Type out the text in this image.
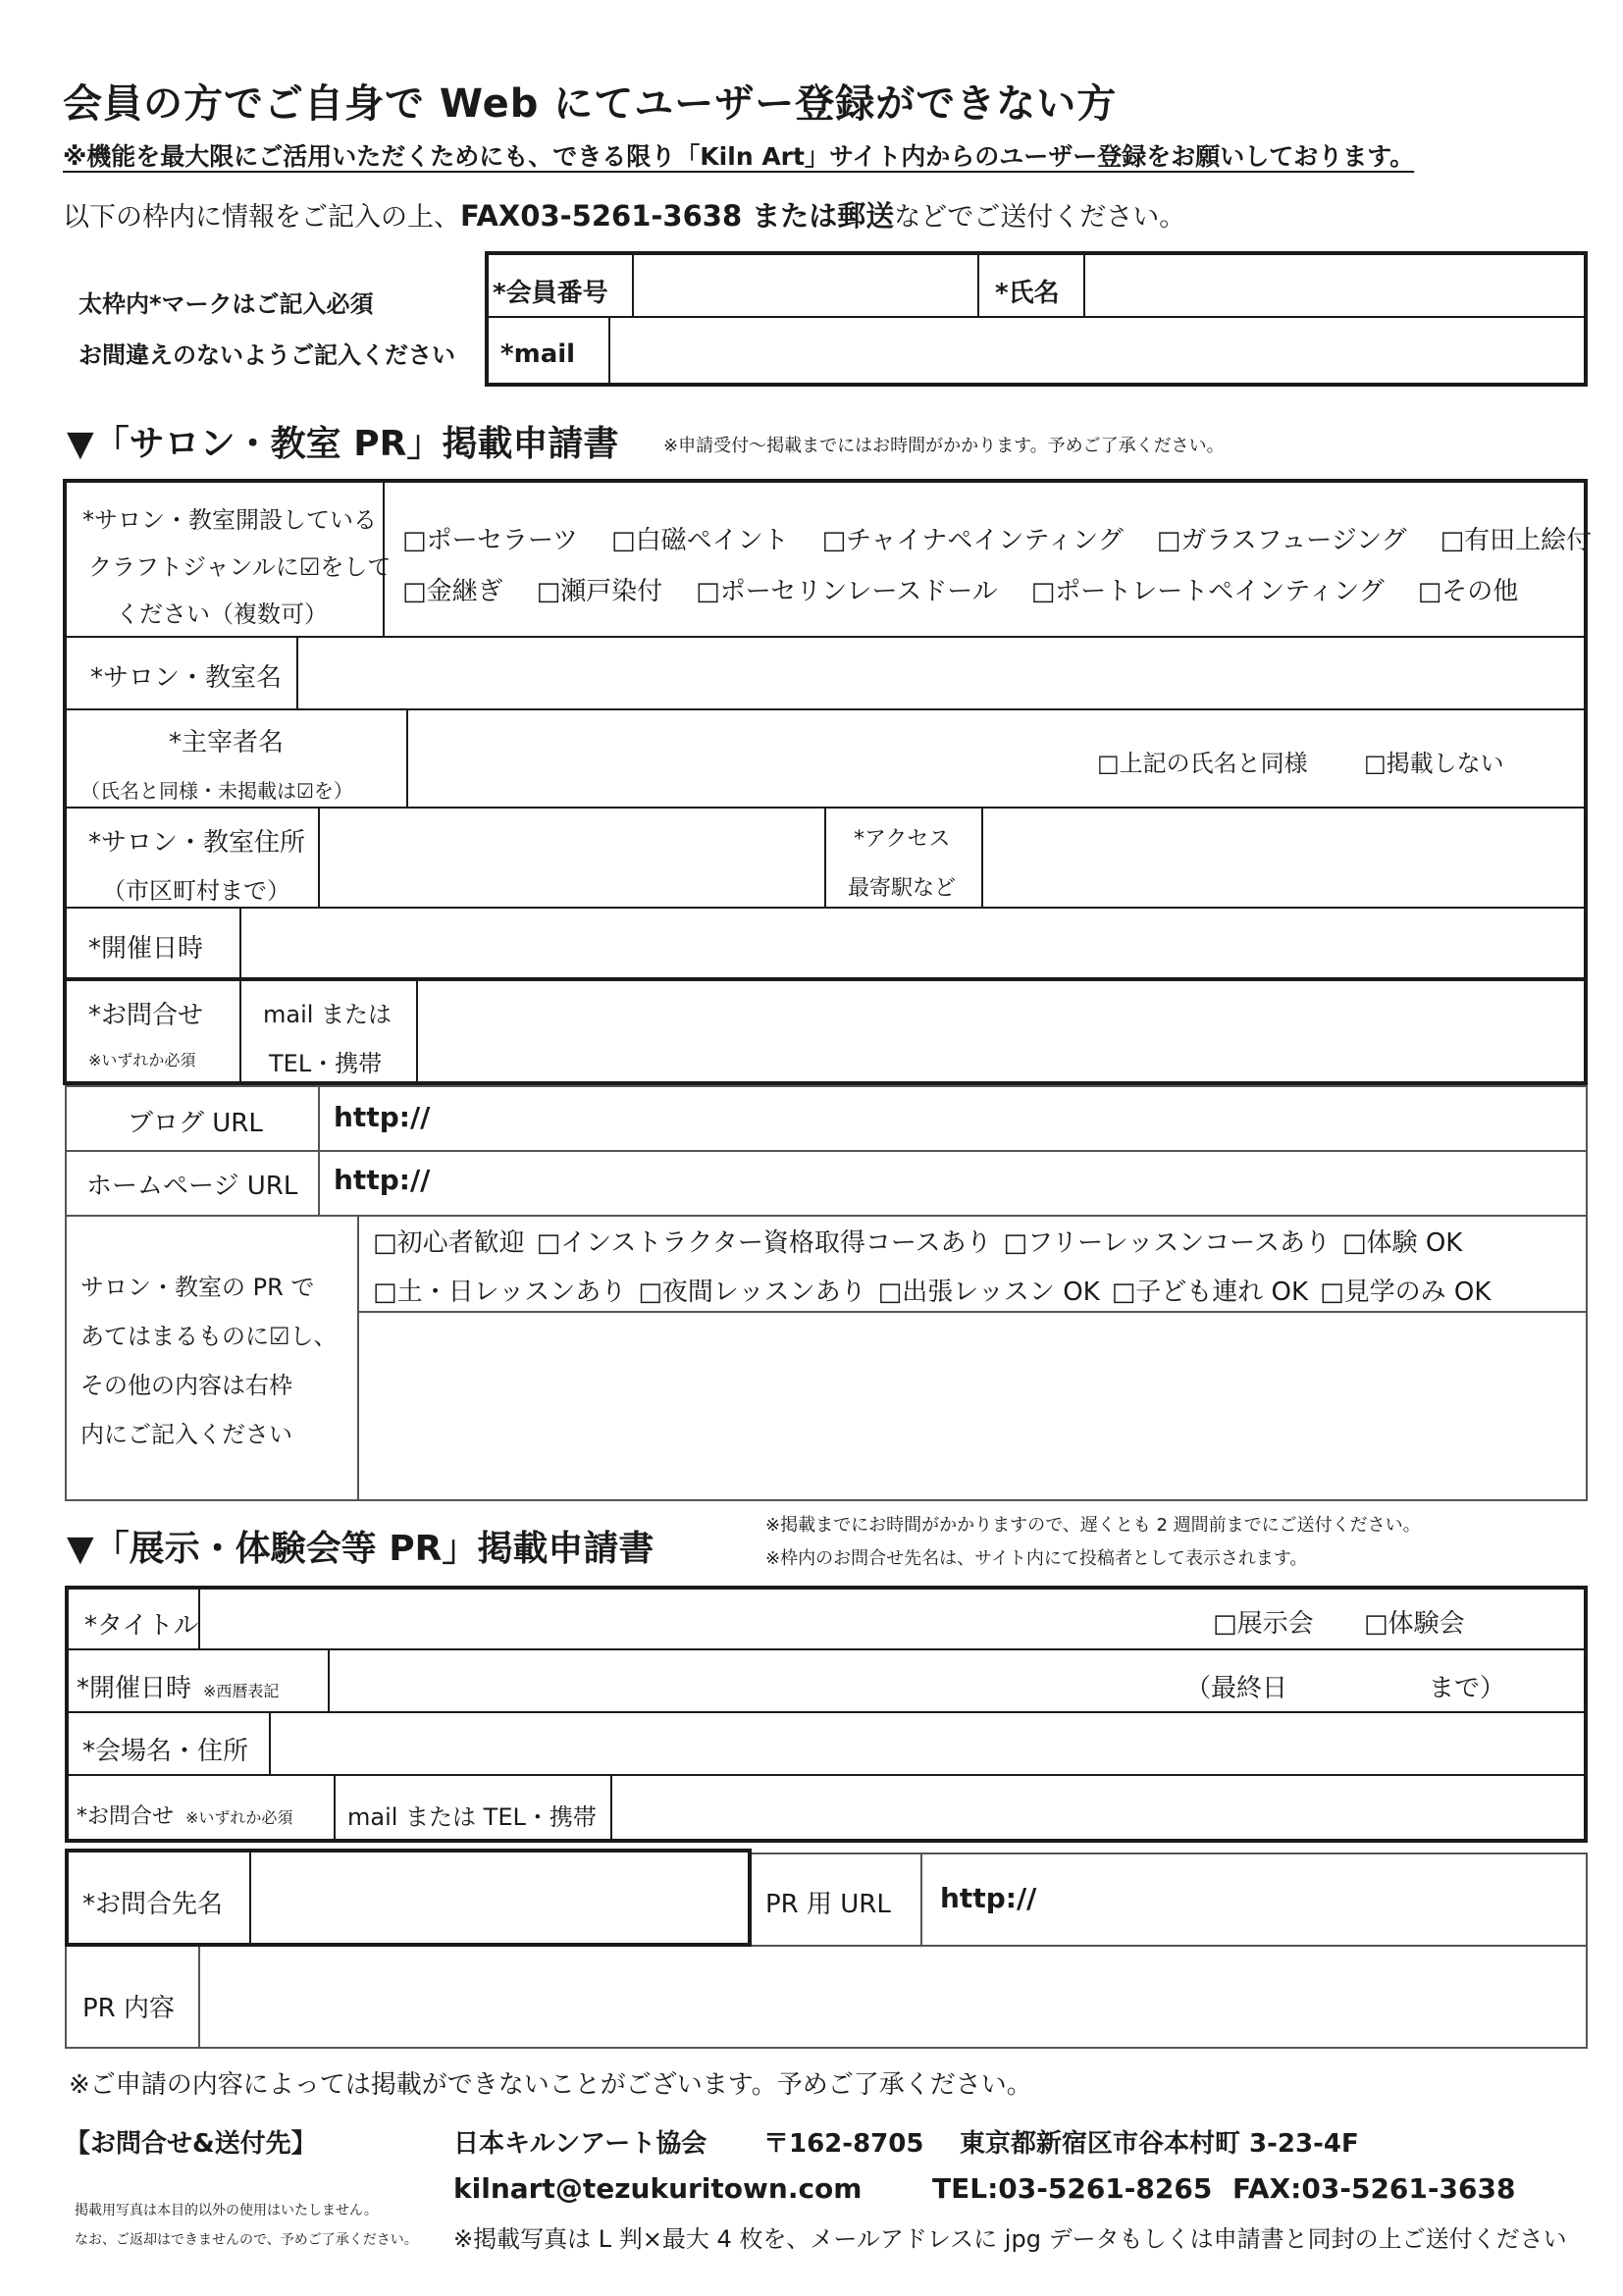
会員の方でご自身で Web にてユーザー登録ができない方
※機能を最大限にご活用いただくためにも、できる限り「Kiln Art」サイト内からのユーザー登録をお願いしております。
以下の枠内に情報をご記入の上、FAX03-5261-3638 または郵送などでご送付ください。
太枠内*マークはご記入必須
お間違えのないようご記入ください
*会員番号	*氏名
*mail
▼「サロン・教室 PR」掲載申請書	※申請受付～掲載までにはお時間がかかります。予めご了承ください。
*サロン・教室開設している
クラフトジャンルに☑をして
ください（複数可）
□ポーセラーツ □白磁ペイント □チャイナペインティング □ガラスフュージング □有田上絵付
□金継ぎ □瀬戸染付 □ポーセリンレースドール □ポートレートペインティング □その他
*サロン・教室名
*主宰者名
（氏名と同様・未掲載は☑を）
□上記の氏名と同様 □掲載しない
*サロン・教室住所
（市区町村まで）
*アクセス
最寄駅など
*開催日時
*お問合せ
※いずれか必須
mail または
TEL・携帯
ブログ URL	http://
ホームページ URL http://
サロン・教室の PR で
あてはまるものに☑し、
その他の内容は右枠
内にご記入ください
□初心者歓迎 □インストラクター資格取得コースあり □フリーレッスンコースあり □体験 OK
□土・日レッスンあり □夜間レッスンあり □出張レッスン OK □子ども連れ OK □見学のみ OK
▼「展示・体験会等 PR」掲載申請書
※掲載までにお時間がかかりますので、遅くとも 2 週間前までにご送付ください。
※枠内のお問合せ先名は、サイト内にて投稿者として表示されます。
*タイトル	□展示会 □体験会
*開催日時 ※西暦表記	（最終日	まで）
*会場名・住所
*お問合せ ※いずれか必須 mail または TEL・携帯
*お問合先名	PR 用 URL http://
PR 内容
※ご申請の内容によっては掲載ができないことがございます。予めご了承ください。
【お問合せ&送付先】	日本キルンアート協会 〒162-8705 東京都新宿区市谷本村町 3-23-4F
kilnart@tezukuritown.com	TEL:03-5261-8265 FAX:03-5261-3638
掲載用写真は本目的以外の使用はいたしません。
なお、ご返却はできませんので、予めご了承ください。 ※掲載写真は L 判×最大 4 枚を、メールアドレスに jpg データもしくは申請書と同封の上ご送付ください
